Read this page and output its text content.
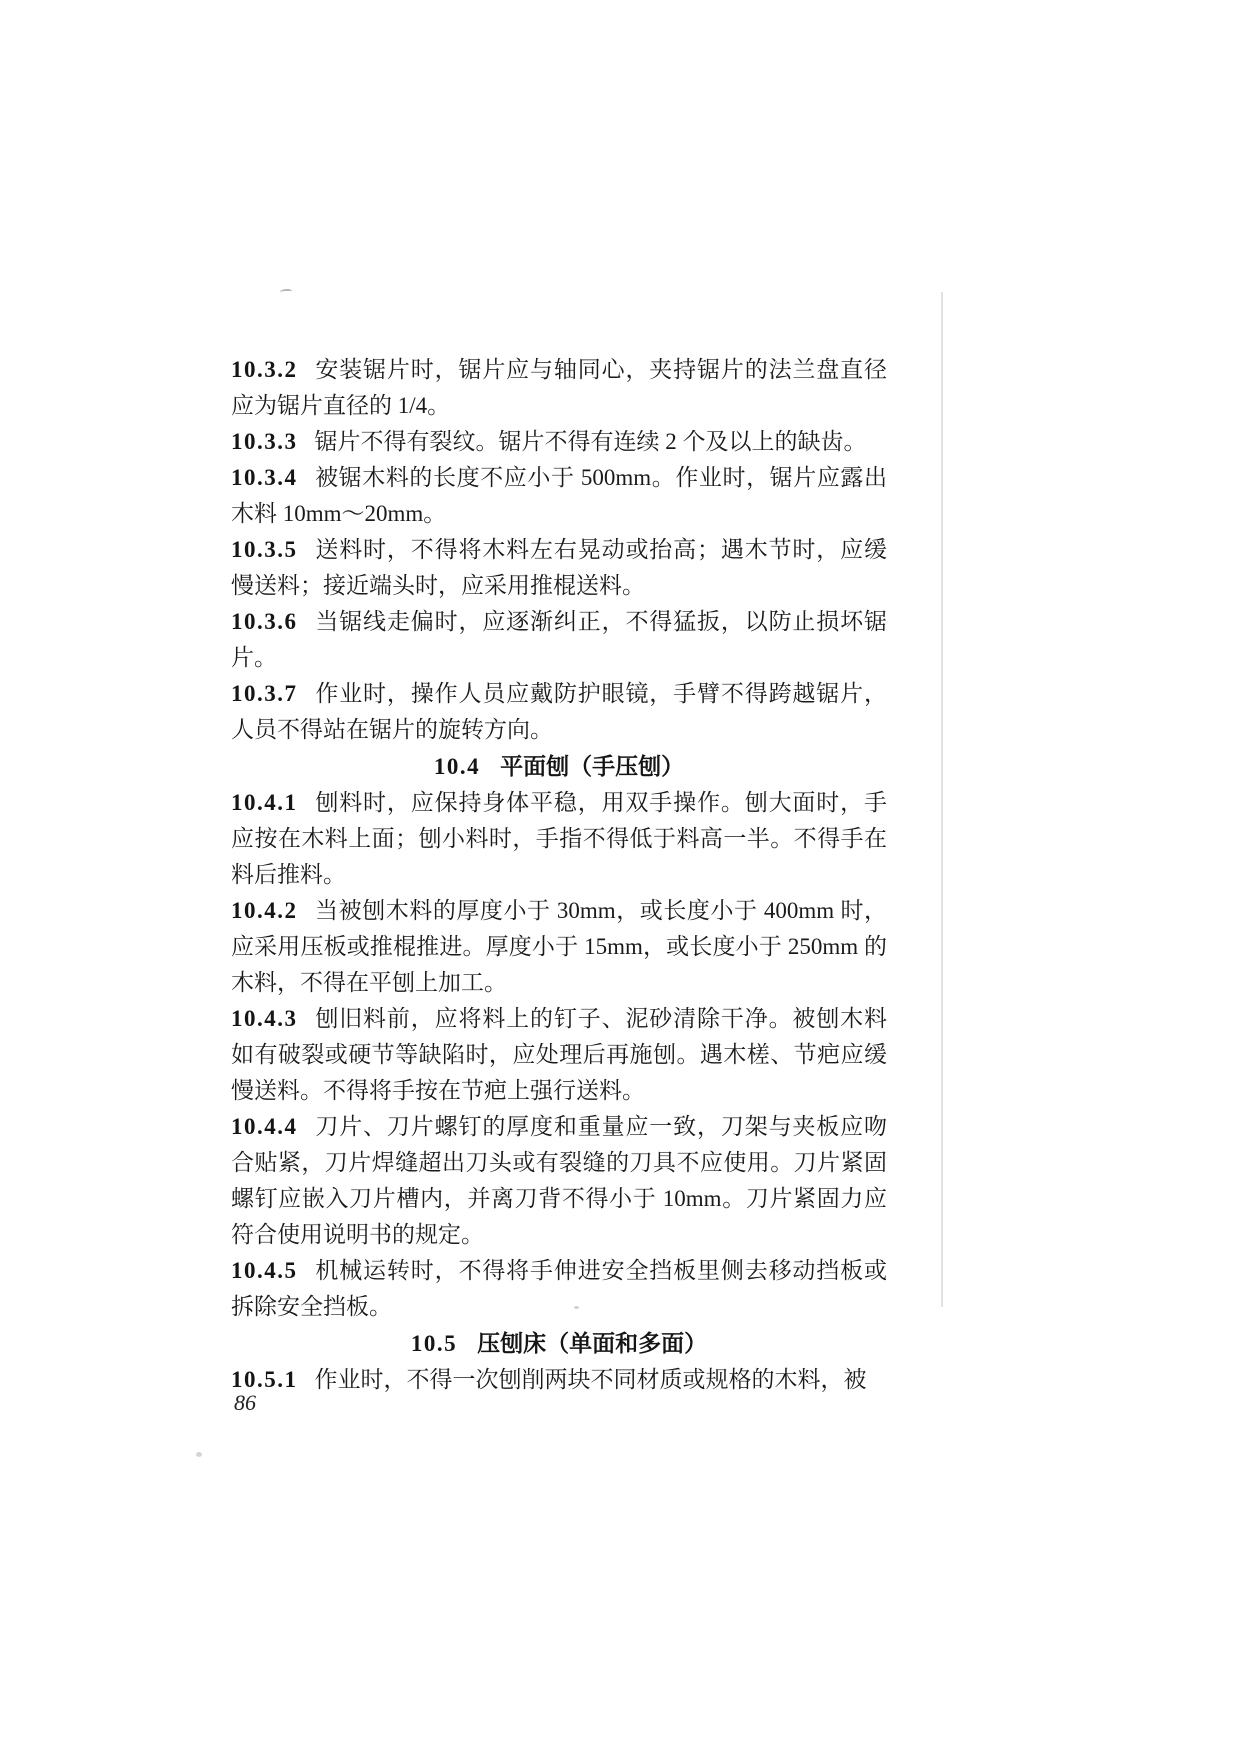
10.3.2 安装锯片时，锯片应与轴同心，夹持锯片的法兰盘直径应为锯片直径的 1/4。

10.3.3 锯片不得有裂纹。锯片不得有连续 2 个及以上的缺齿。

10.3.4 被锯木料的长度不应小于 500mm。作业时，锯片应露出木料 10mm～20mm。

10.3.5 送料时，不得将木料左右晃动或抬高；遇木节时，应缓慢送料；接近端头时，应采用推棍送料。

10.3.6 当锯线走偏时，应逐渐纠正，不得猛扳，以防止损坏锯片。

10.3.7 作业时，操作人员应戴防护眼镜，手臂不得跨越锯片，人员不得站在锯片的旋转方向。

10.4 平面刨（手压刨）

10.4.1 刨料时，应保持身体平稳，用双手操作。刨大面时，手应按在木料上面；刨小料时，手指不得低于料高一半。不得手在料后推料。

10.4.2 当被刨木料的厚度小于 30mm，或长度小于 400mm 时，应采用压板或推棍推进。厚度小于 15mm，或长度小于 250mm 的木料，不得在平刨上加工。

10.4.3 刨旧料前，应将料上的钉子、泥砂清除干净。被刨木料如有破裂或硬节等缺陷时，应处理后再施刨。遇木槎、节疤应缓慢送料。不得将手按在节疤上强行送料。

10.4.4 刀片、刀片螺钉的厚度和重量应一致，刀架与夹板应吻合贴紧，刀片焊缝超出刀头或有裂缝的刀具不应使用。刀片紧固螺钉应嵌入刀片槽内，并离刀背不得小于 10mm。刀片紧固力应符合使用说明书的规定。

10.4.5 机械运转时，不得将手伸进安全挡板里侧去移动挡板或拆除安全挡板。

10.5 压刨床（单面和多面）

10.5.1 作业时，不得一次刨削两块不同材质或规格的木料，被

86
